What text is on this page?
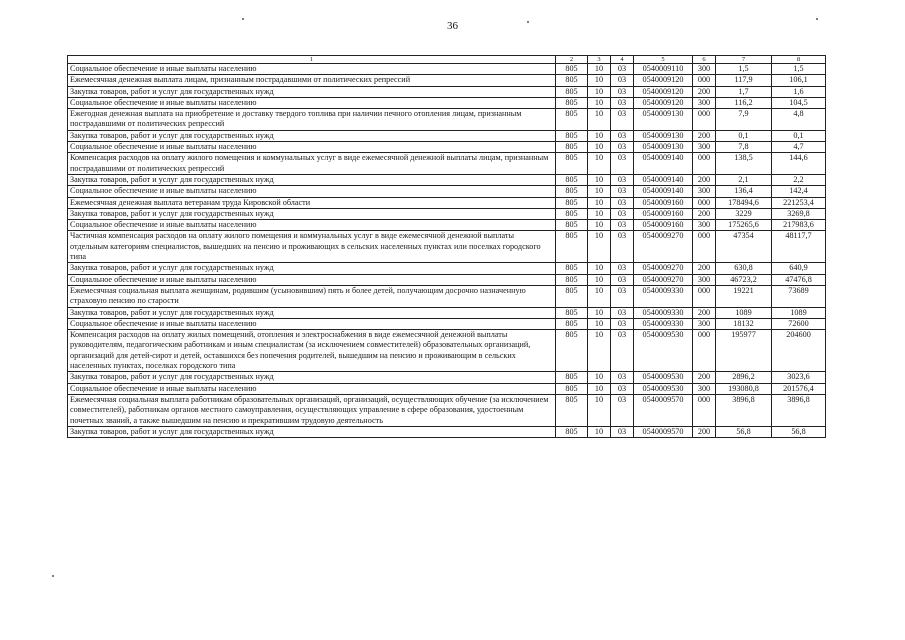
36
1	2	3	4	5	6	7	8
Социальное обеспечение и иные выплаты населению	805	10	03	0540009110	300	1,5	1,5
Ежемесячная денежная выплата лицам, признанным пострадавшими от политических репрессий	805	10	03	0540009120	000	117,9	106,1
Закупка товаров, работ и услуг для государственных нужд	805	10	03	0540009120	200	1,7	1,6
Социальное обеспечение и иные выплаты населению	805	10	03	0540009120	300	116,2	104,5
Ежегодная денежная выплата на приобретение и доставку твердого топлива при наличии печного отопления лицам, признанным пострадавшими от политических репрессий	805	10	03	0540009130	000	7,9	4,8
Закупка товаров, работ и услуг для государственных нужд	805	10	03	0540009130	200	0,1	0,1
Социальное обеспечение и иные выплаты населению	805	10	03	0540009130	300	7,8	4,7
Компенсация расходов на оплату жилого помещения и коммунальных услуг в виде ежемесячной денежной выплаты лицам, признанным пострадавшими от политических репрессий	805	10	03	0540009140	000	138,5	144,6
Закупка товаров, работ и услуг для государственных нужд	805	10	03	0540009140	200	2,1	2,2
Социальное обеспечение и иные выплаты населению	805	10	03	0540009140	300	136,4	142,4
Ежемесячная денежная выплата ветеранам труда Кировской области	805	10	03	0540009160	000	178494,6	221253,4
Закупка товаров, работ и услуг для государственных нужд	805	10	03	0540009160	200	3229	3269,8
Социальное обеспечение и иные выплаты населению	805	10	03	0540009160	300	175265,6	217983,6
Частичная компенсация расходов на оплату жилого помещения и коммунальных услуг в виде ежемесячной денежной выплаты отдельным категориям специалистов, вышедших на пенсию и проживающих в сельских населенных пунктах или поселках городского типа	805	10	03	0540009270	000	47354	48117,7
Закупка товаров, работ и услуг для государственных нужд	805	10	03	0540009270	200	630,8	640,9
Социальное обеспечение и иные выплаты населению	805	10	03	0540009270	300	46723,2	47476,8
Ежемесячная социальная выплата женщинам, родившим (усыновившим) пять и более детей, получающим досрочно назначенную страховую пенсию по старости	805	10	03	0540009330	000	19221	73689
Закупка товаров, работ и услуг для государственных нужд	805	10	03	0540009330	200	1089	1089
Социальное обеспечение и иные выплаты населению	805	10	03	0540009330	300	18132	72600
Компенсация расходов на оплату жилых помещений, отопления и электроснабжения в виде ежемесячной денежной выплаты руководителям, педагогическим работникам и иным специалистам (за исключением совместителей) образовательных организаций, организаций для детей-сирот и детей, оставшихся без попечения родителей, вышедшим на пенсию и проживающим в сельских населенных пунктах, поселках городского типа	805	10	03	0540009530	000	195977	204600
Закупка товаров, работ и услуг для государственных нужд	805	10	03	0540009530	200	2896,2	3023,6
Социальное обеспечение и иные выплаты населению	805	10	03	0540009530	300	193080,8	201576,4
Ежемесячная социальная выплата работникам образовательных организаций, организаций, осуществляющих обучение (за исключением совместителей), работникам органов местного самоуправления, осуществляющих управление в сфере образования, удостоенным почетных званий, а также вышедшим на пенсию и прекратившим трудовую деятельность	805	10	03	0540009570	000	3896,8	3896,8
Закупка товаров, работ и услуг для государственных нужд	805	10	03	0540009570	200	56,8	56,8
